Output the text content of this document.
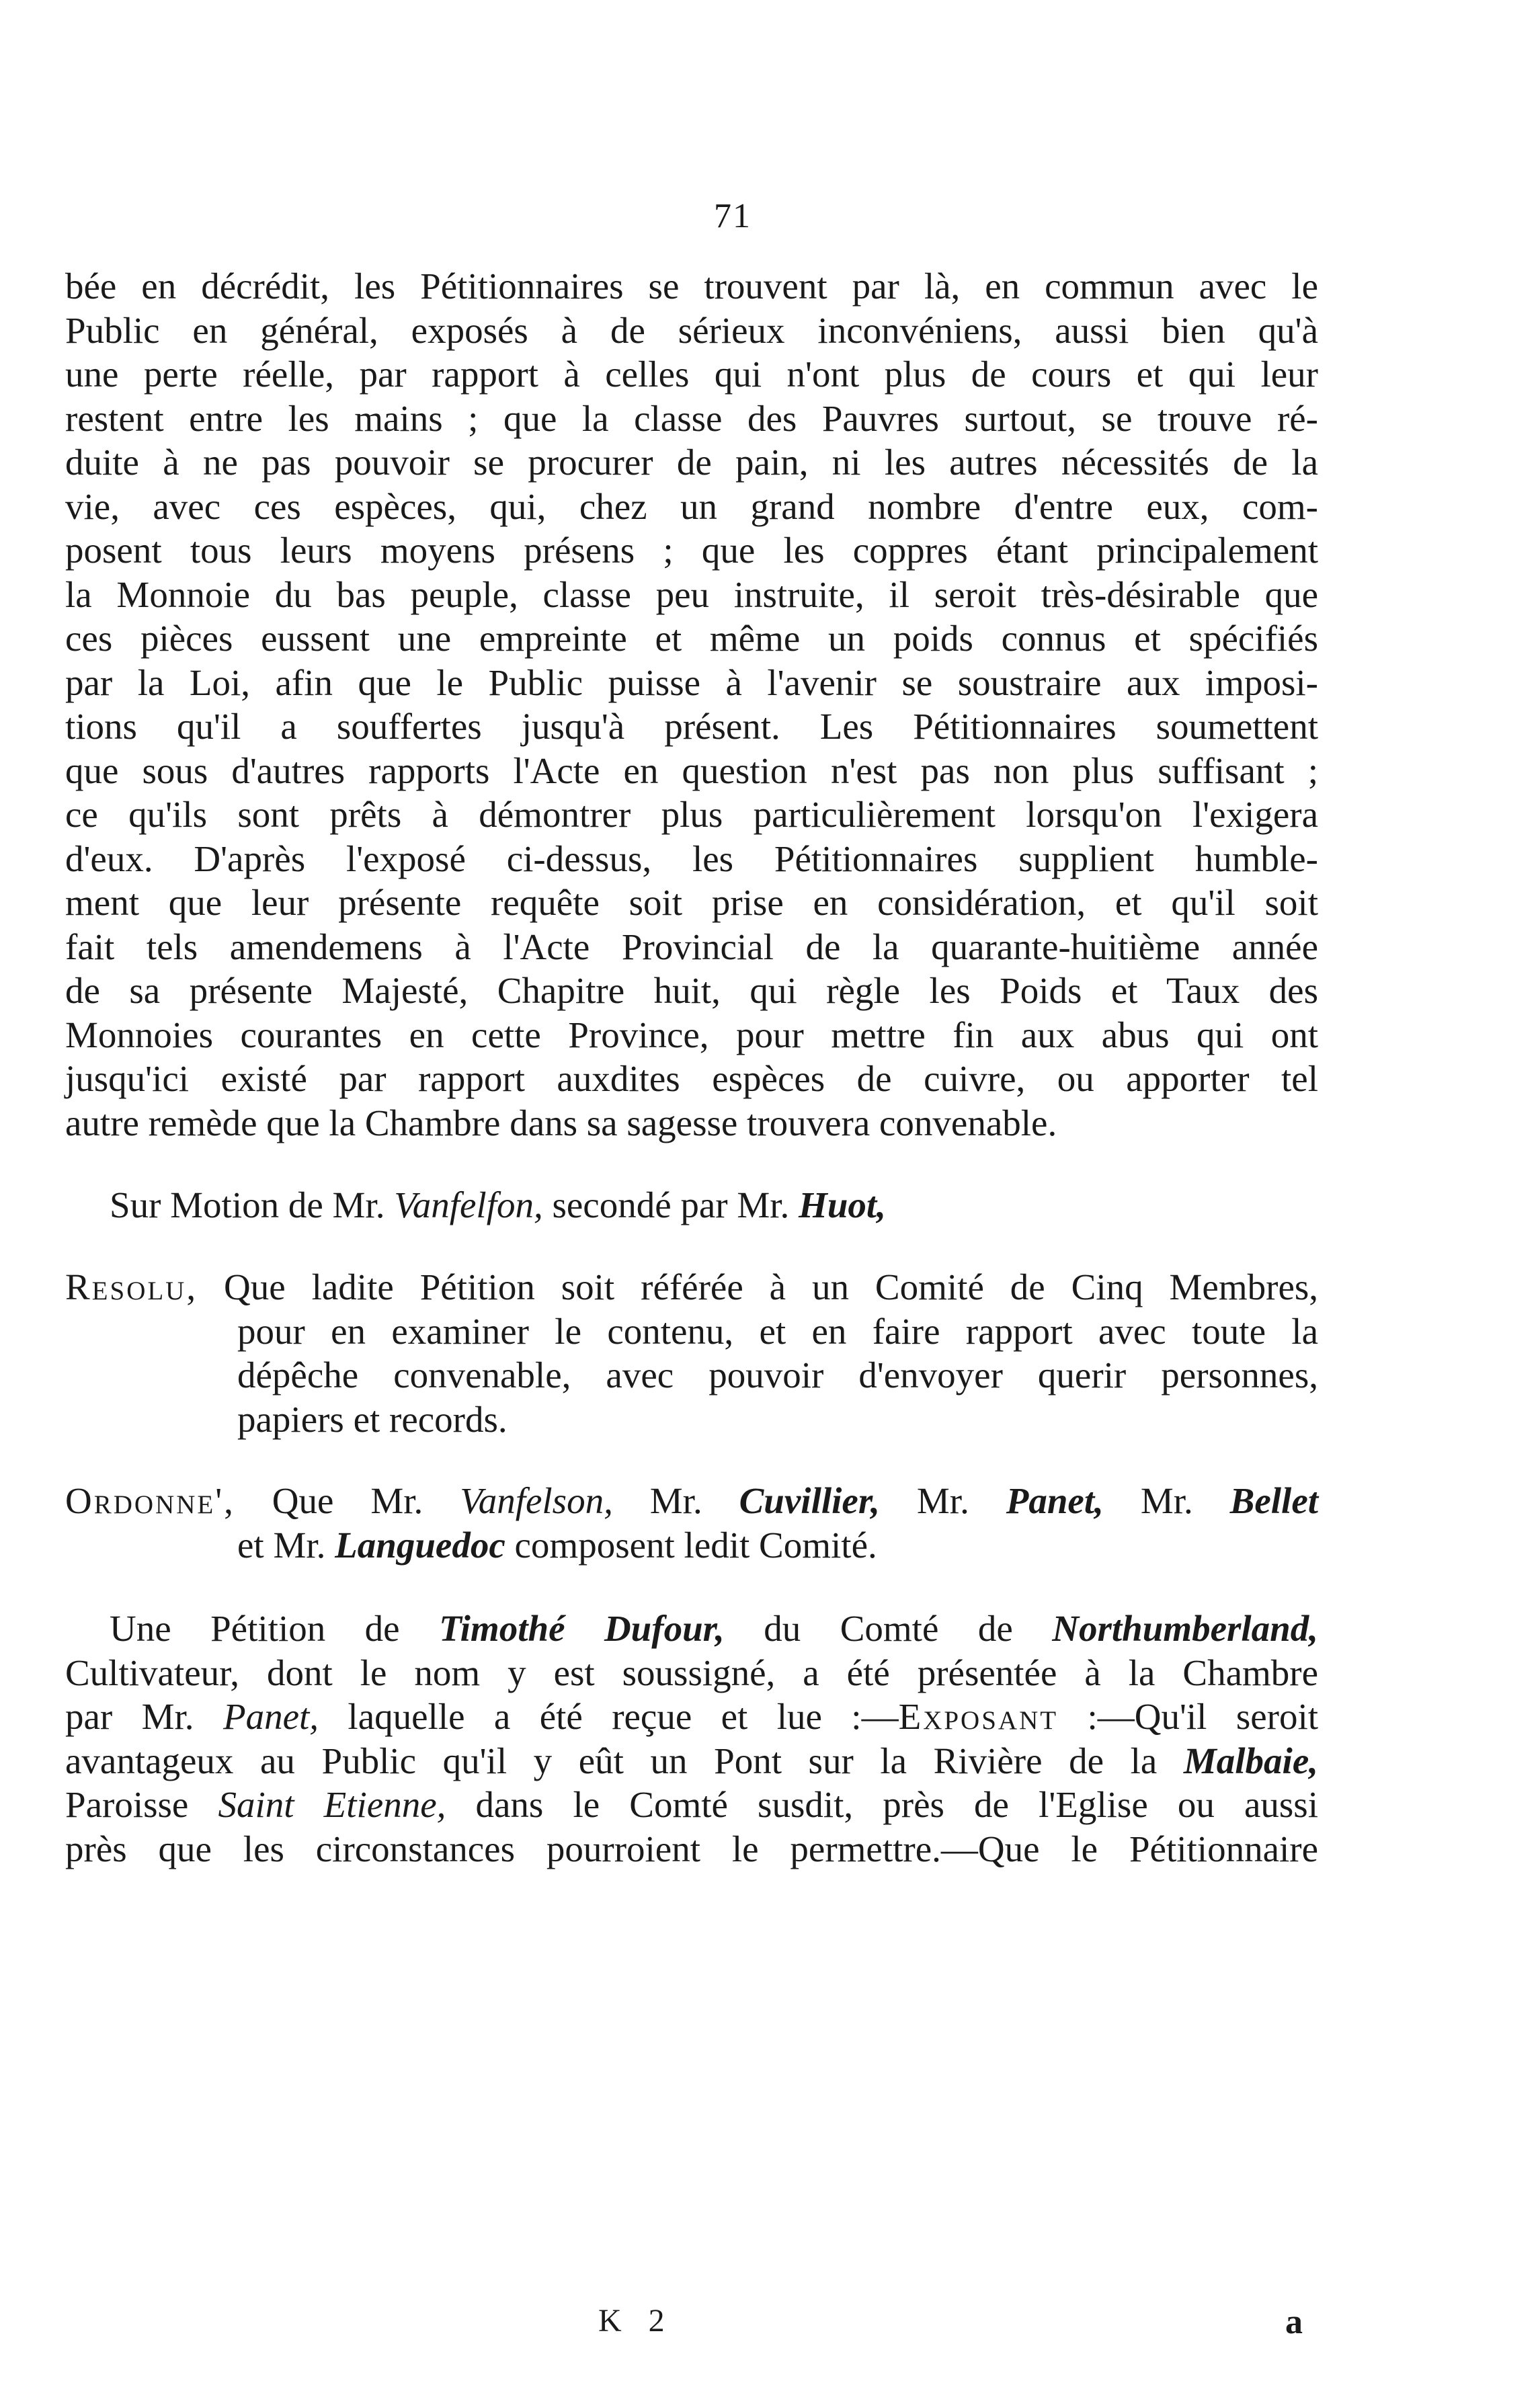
71
bée en décrédit, les Pétitionnaires se trouvent par là, en commun avec le
Public en général, exposés à de sérieux inconvéniens, aussi bien qu'à
une perte réelle, par rapport à celles qui n'ont plus de cours et qui leur
restent entre les mains ; que la classe des Pauvres surtout, se trouve ré-
duite à ne pas pouvoir se procurer de pain, ni les autres nécessités de la
vie, avec ces espèces, qui, chez un grand nombre d'entre eux, com-
posent tous leurs moyens présens ; que les coppres étant principalement
la Monnoie du bas peuple, classe peu instruite, il seroit très-désirable que
ces pièces eussent une empreinte et même un poids connus et spécifiés
par la Loi, afin que le Public puisse à l'avenir se soustraire aux imposi-
tions qu'il a souffertes jusqu'à présent. Les Pétitionnaires soumettent
que sous d'autres rapports l'Acte en question n'est pas non plus suffisant ;
ce qu'ils sont prêts à démontrer plus particulièrement lorsqu'on l'exigera
d'eux. D'après l'exposé ci-dessus, les Pétitionnaires supplient humble-
ment que leur présente requête soit prise en considération, et qu'il soit
fait tels amendemens à l'Acte Provincial de la quarante-huitième année
de sa présente Majesté, Chapitre huit, qui règle les Poids et Taux des
Monnoies courantes en cette Province, pour mettre fin aux abus qui ont
jusqu'ici existé par rapport auxdites espèces de cuivre, ou apporter tel
autre remède que la Chambre dans sa sagesse trouvera convenable.
Sur Motion de Mr. Vanfelfon, secondé par Mr. Huot,
Resolu, Que ladite Pétition soit référée à un Comité de Cinq Membres,
pour en examiner le contenu, et en faire rapport avec toute la
dépêche convenable, avec pouvoir d'envoyer querir personnes,
papiers et records.
Ordonne', Que Mr. Vanfelson, Mr. Cuvillier, Mr. Panet, Mr. Bellet
et Mr. Languedoc composent ledit Comité.
Une Pétition de Timothé Dufour, du Comté de Northumberland,
Cultivateur, dont le nom y est soussigné, a été présentée à la Chambre
par Mr. Panet, laquelle a été reçue et lue :—Exposant :—Qu'il seroit
avantageux au Public qu'il y eût un Pont sur la Rivière de la Malbaie,
Paroisse Saint Etienne, dans le Comté susdit, près de l'Eglise ou aussi
près que les circonstances pourroient le permettre.—Que le Pétitionnaire
K 2	a
